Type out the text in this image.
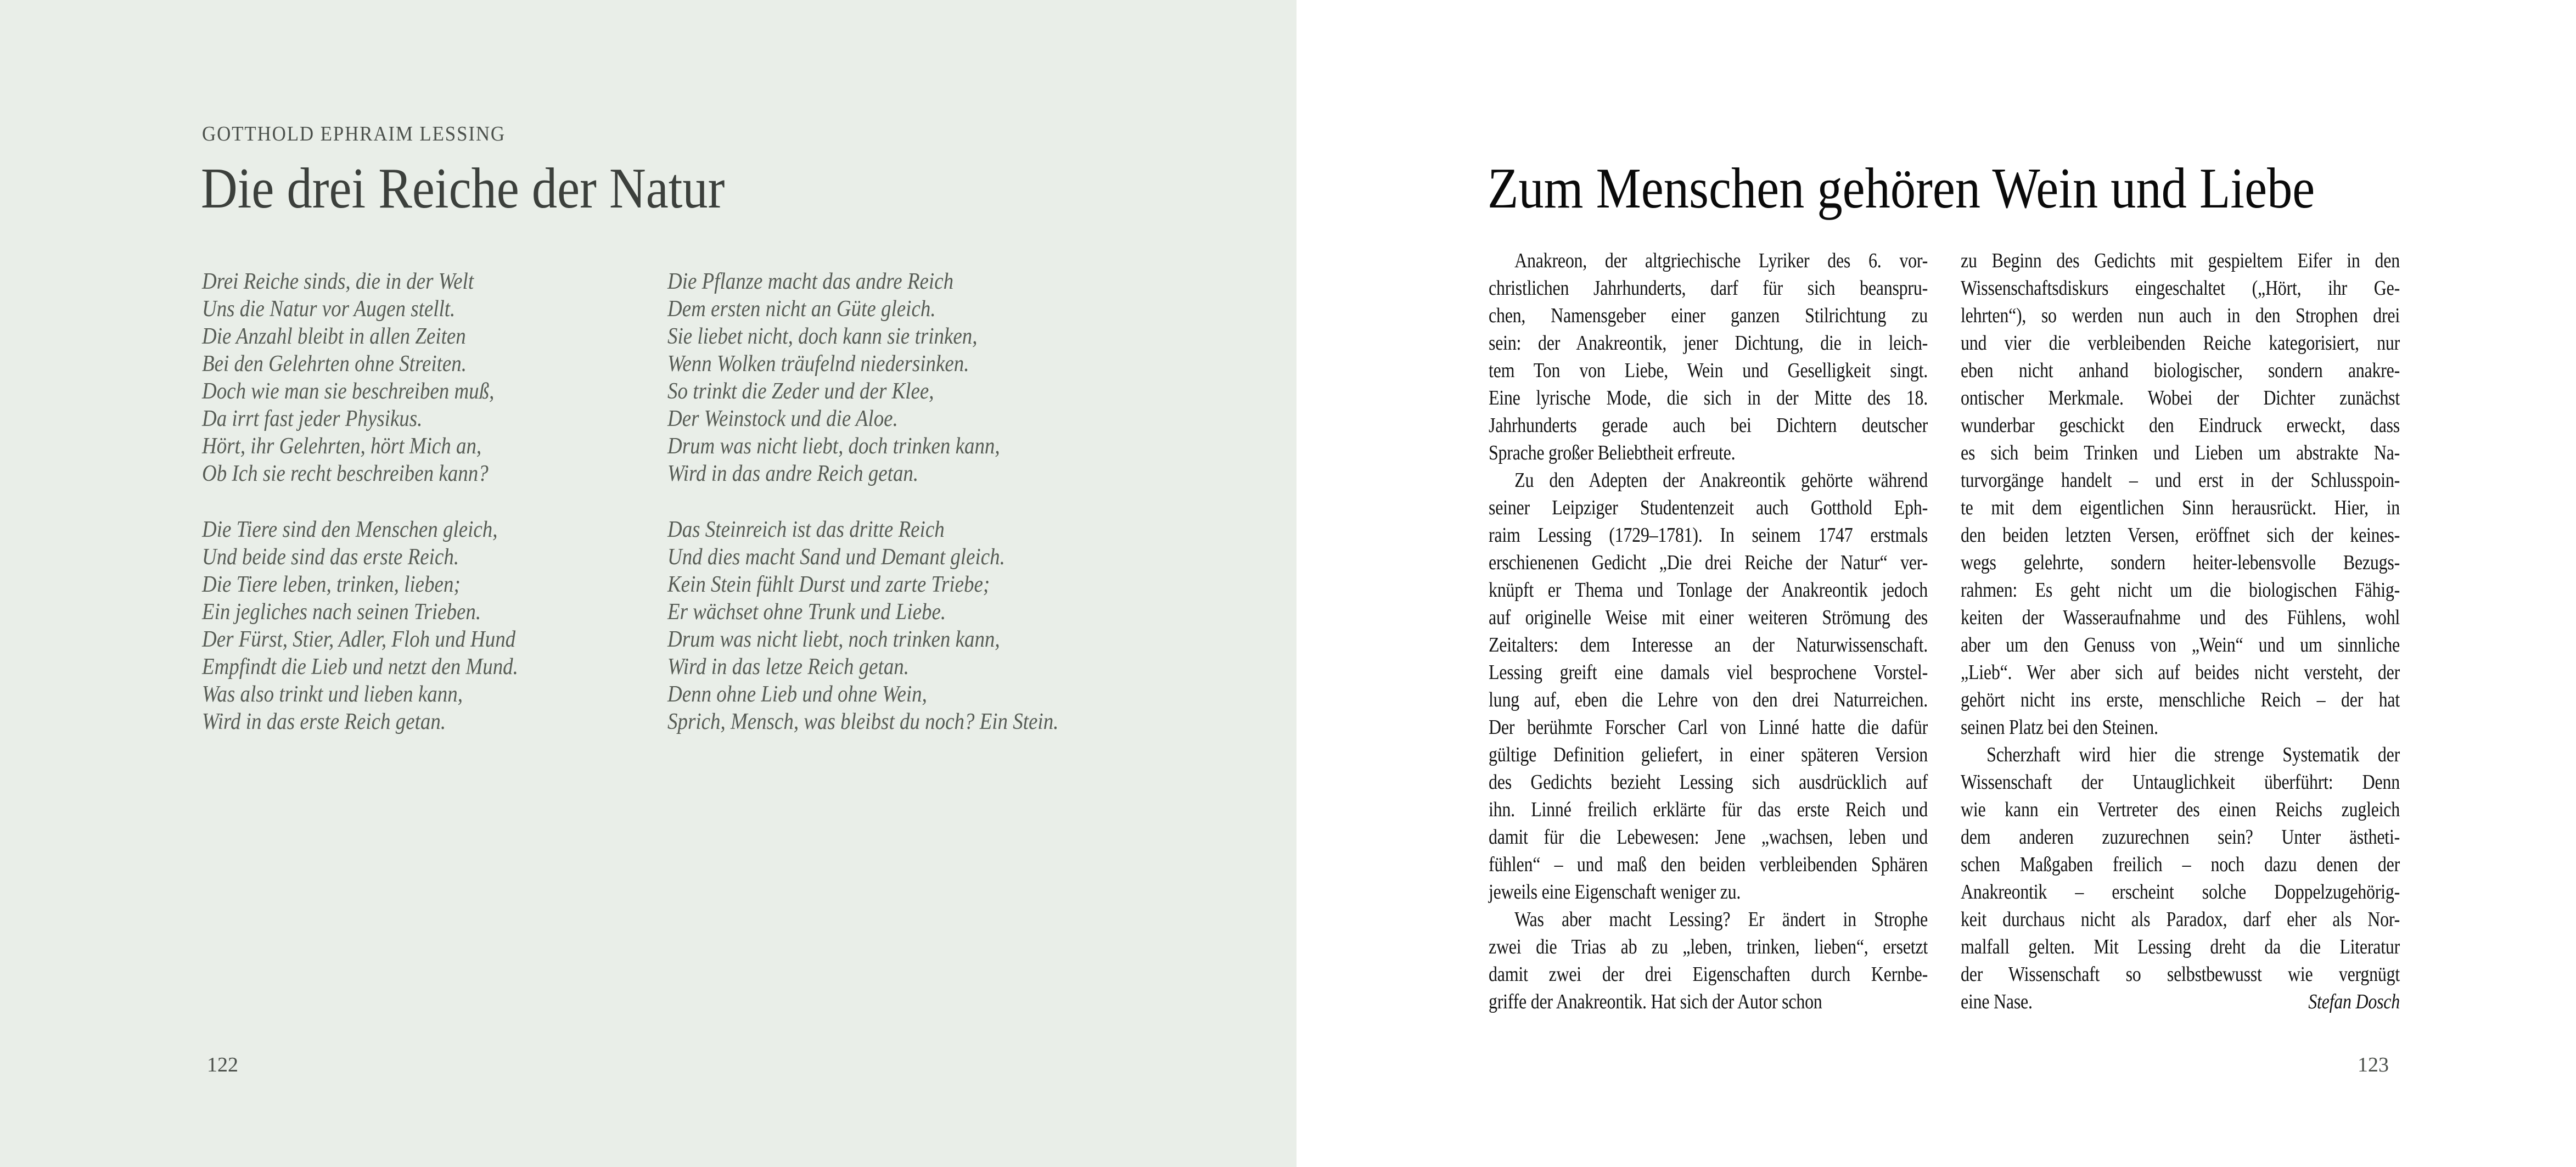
GOTTHOLD EPHRAIM LESSING
Die drei Reiche der Natur
Drei Reiche sinds, die in der Welt
Uns die Natur vor Augen stellt.
Die Anzahl bleibt in allen Zeiten
Bei den Gelehrten ohne Streiten.
Doch wie man sie beschreiben muß,
Da irrt fast jeder Physikus.
Hört, ihr Gelehrten, hört Mich an,
Ob Ich sie recht beschreiben kann?
Die Tiere sind den Menschen gleich,
Und beide sind das erste Reich.
Die Tiere leben, trinken, lieben;
Ein jegliches nach seinen Trieben.
Der Fürst, Stier, Adler, Floh und Hund
Empfindt die Lieb und netzt den Mund.
Was also trinkt und lieben kann,
Wird in das erste Reich getan.
Die Pflanze macht das andre Reich
Dem ersten nicht an Güte gleich.
Sie liebet nicht, doch kann sie trinken,
Wenn Wolken träufelnd niedersinken.
So trinkt die Zeder und der Klee,
Der Weinstock und die Aloe.
Drum was nicht liebt, doch trinken kann,
Wird in das andre Reich getan.
Das Steinreich ist das dritte Reich
Und dies macht Sand und Demant gleich.
Kein Stein fühlt Durst und zarte Triebe;
Er wächset ohne Trunk und Liebe.
Drum was nicht liebt, noch trinken kann,
Wird in das letze Reich getan.
Denn ohne Lieb und ohne Wein,
Sprich, Mensch, was bleibst du noch? Ein Stein.
122
Zum Menschen gehören Wein und Liebe
Anakreon, der altgriechische Lyriker des 6. vor-
christlichen Jahrhunderts, darf für sich beanspru-
chen, Namensgeber einer ganzen Stilrichtung zu
sein: der Anakreontik, jener Dichtung, die in leich-
tem Ton von Liebe, Wein und Geselligkeit singt.
Eine lyrische Mode, die sich in der Mitte des 18.
Jahrhunderts gerade auch bei Dichtern deutscher
Sprache großer Beliebtheit erfreute.
Zu den Adepten der Anakreontik gehörte während
seiner Leipziger Studentenzeit auch Gotthold Eph-
raim Lessing (1729–1781). In seinem 1747 erstmals
erschienenen Gedicht „Die drei Reiche der Natur“ ver-
knüpft er Thema und Tonlage der Anakreontik jedoch
auf originelle Weise mit einer weiteren Strömung des
Zeitalters: dem Interesse an der Naturwissenschaft.
Lessing greift eine damals viel besprochene Vorstel-
lung auf, eben die Lehre von den drei Naturreichen.
Der berühmte Forscher Carl von Linné hatte die dafür
gültige Definition geliefert, in einer späteren Version
des Gedichts bezieht Lessing sich ausdrücklich auf
ihn. Linné freilich erklärte für das erste Reich und
damit für die Lebewesen: Jene „wachsen, leben und
fühlen“ – und maß den beiden verbleibenden Sphären
jeweils eine Eigenschaft weniger zu.
Was aber macht Lessing? Er ändert in Strophe
zwei die Trias ab zu „leben, trinken, lieben“, ersetzt
damit zwei der drei Eigenschaften durch Kernbe-
griffe der Anakreontik. Hat sich der Autor schon
zu Beginn des Gedichts mit gespieltem Eifer in den
Wissenschaftsdiskurs eingeschaltet („Hört, ihr Ge-
lehrten“), so werden nun auch in den Strophen drei
und vier die verbleibenden Reiche kategorisiert, nur
eben nicht anhand biologischer, sondern anakre-
ontischer Merkmale. Wobei der Dichter zunächst
wunderbar geschickt den Eindruck erweckt, dass
es sich beim Trinken und Lieben um abstrakte Na-
turvorgänge handelt – und erst in der Schlusspoin-
te mit dem eigentlichen Sinn herausrückt. Hier, in
den beiden letzten Versen, eröffnet sich der keines-
wegs gelehrte, sondern heiter-lebensvolle Bezugs-
rahmen: Es geht nicht um die biologischen Fähig-
keiten der Wasseraufnahme und des Fühlens, wohl
aber um den Genuss von „Wein“ und um sinnliche
„Lieb“. Wer aber sich auf beides nicht versteht, der
gehört nicht ins erste, menschliche Reich – der hat
seinen Platz bei den Steinen.
Scherzhaft wird hier die strenge Systematik der
Wissenschaft der Untauglichkeit überführt: Denn
wie kann ein Vertreter des einen Reichs zugleich
dem anderen zuzurechnen sein? Unter ästheti-
schen Maßgaben freilich – noch dazu denen der
Anakreontik – erscheint solche Doppelzugehörig-
keit durchaus nicht als Paradox, darf eher als Nor-
malfall gelten. Mit Lessing dreht da die Literatur
der Wissenschaft so selbstbewusst wie vergnügt
eine Nase.	Stefan Dosch
123
